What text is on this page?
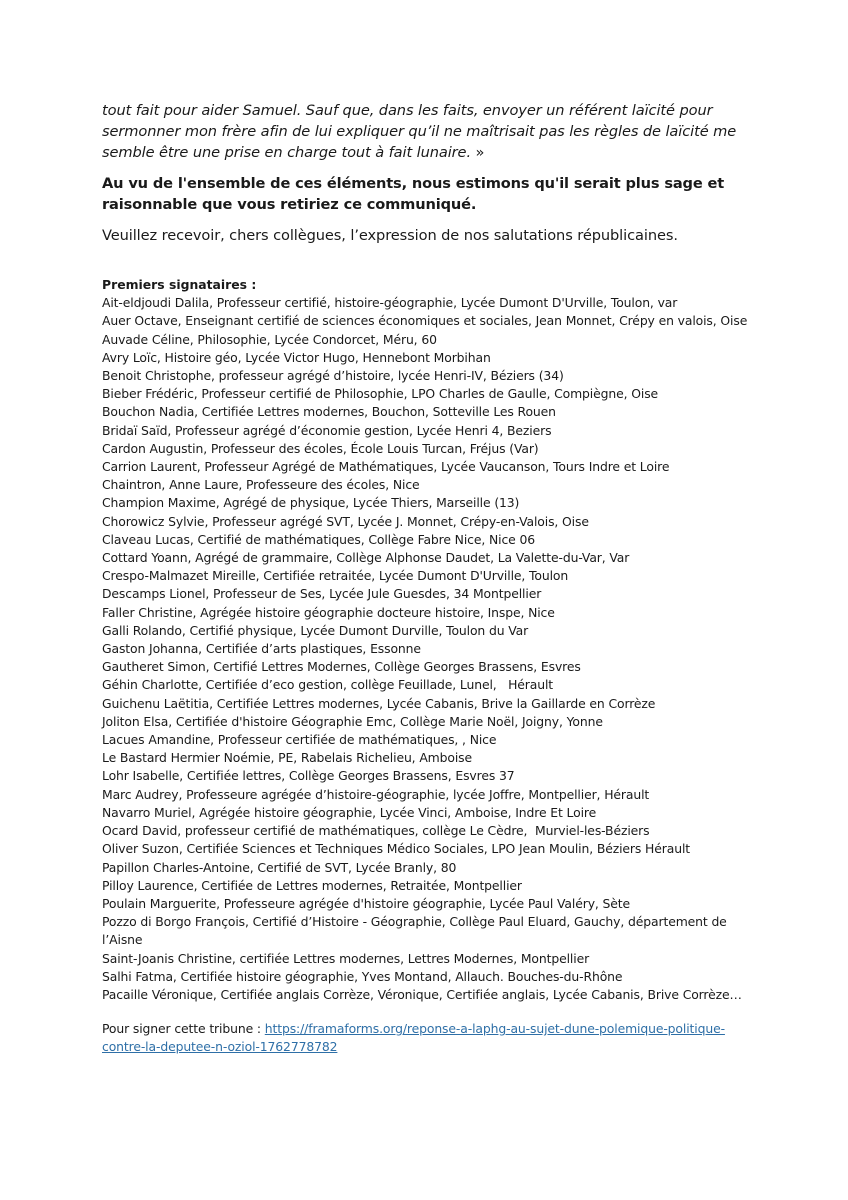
tout fait pour aider Samuel. Sauf que, dans les faits, envoyer un référent laïcité pour sermonner mon frère afin de lui expliquer qu’il ne maîtrisait pas les règles de laïcité me semble être une prise en charge tout à fait lunaire. »

Au vu de l'ensemble de ces éléments, nous estimons qu'il serait plus sage et raisonnable que vous retiriez ce communiqué.

Veuillez recevoir, chers collègues, l’expression de nos salutations républicaines.

Premiers signataires :

Ait-eldjoudi Dalila, Professeur certifié, histoire-géographie, Lycée Dumont D'Urville, Toulon, var
Auer Octave, Enseignant certifié de sciences économiques et sociales, Jean Monnet, Crépy en valois, Oise
Auvade Céline, Philosophie, Lycée Condorcet, Méru, 60
Avry Loïc, Histoire géo, Lycée Victor Hugo, Hennebont Morbihan
Benoit Christophe, professeur agrégé d’histoire, lycée Henri-IV, Béziers (34)
Bieber Frédéric, Professeur certifié de Philosophie, LPO Charles de Gaulle, Compiègne, Oise
Bouchon Nadia, Certifiée Lettres modernes, Bouchon, Sotteville Les Rouen
Bridaï Saïd, Professeur agrégé d’économie gestion, Lycée Henri 4, Beziers
Cardon Augustin, Professeur des écoles, École Louis Turcan, Fréjus (Var)
Carrion Laurent, Professeur Agrégé de Mathématiques, Lycée Vaucanson, Tours Indre et Loire
Chaintron, Anne Laure, Professeure des écoles, Nice
Champion Maxime, Agrégé de physique, Lycée Thiers, Marseille (13)
Chorowicz Sylvie, Professeur agrégé SVT, Lycée J. Monnet, Crépy-en-Valois, Oise
Claveau Lucas, Certifié de mathématiques, Collège Fabre Nice, Nice 06
Cottard Yoann, Agrégé de grammaire, Collège Alphonse Daudet, La Valette-du-Var, Var
Crespo-Malmazet Mireille, Certifiée retraitée, Lycée Dumont D'Urville, Toulon
Descamps Lionel, Professeur de Ses, Lycée Jule Guesdes, 34 Montpellier
Faller Christine, Agrégée histoire géographie docteure histoire, Inspe, Nice
Galli Rolando, Certifié physique, Lycée Dumont Durville, Toulon du Var
Gaston Johanna, Certifiée d’arts plastiques, Essonne
Gautheret Simon, Certifié Lettres Modernes, Collège Georges Brassens, Esvres
Géhin Charlotte, Certifiée d’eco gestion, collège Feuillade, Lunel,   Hérault
Guichenu Laëtitia, Certifiée Lettres modernes, Lycée Cabanis, Brive la Gaillarde en Corrèze
Joliton Elsa, Certifiée d'histoire Géographie Emc, Collège Marie Noël, Joigny, Yonne
Lacues Amandine, Professeur certifiée de mathématiques, , Nice
Le Bastard Hermier Noémie, PE, Rabelais Richelieu, Amboise
Lohr Isabelle, Certifiée lettres, Collège Georges Brassens, Esvres 37
Marc Audrey, Professeure agrégée d’histoire-géographie, lycée Joffre, Montpellier, Hérault
Navarro Muriel, Agrégée histoire géographie, Lycée Vinci, Amboise, Indre Et Loire
Ocard David, professeur certifié de mathématiques, collège Le Cèdre,  Murviel-les-Béziers
Oliver Suzon, Certifiée Sciences et Techniques Médico Sociales, LPO Jean Moulin, Béziers Hérault
Papillon Charles-Antoine, Certifié de SVT, Lycée Branly, 80
Pilloy Laurence, Certifiée de Lettres modernes, Retraitée, Montpellier
Poulain Marguerite, Professeure agrégée d'histoire géographie, Lycée Paul Valéry, Sète
Pozzo di Borgo François, Certifié d’Histoire - Géographie, Collège Paul Eluard, Gauchy, département de l’Aisne
Saint-Joanis Christine, certifiée Lettres modernes, Lettres Modernes, Montpellier
Salhi Fatma, Certifiée histoire géographie, Yves Montand, Allauch. Bouches-du-Rhône
Pacaille Véronique, Certifiée anglais Corrèze, Véronique, Certifiée anglais, Lycée Cabanis, Brive Corrèze…

Pour signer cette tribune : https://framaforms.org/reponse-a-laphg-au-sujet-dune-polemique-politique-contre-la-deputee-n-oziol-1762778782
